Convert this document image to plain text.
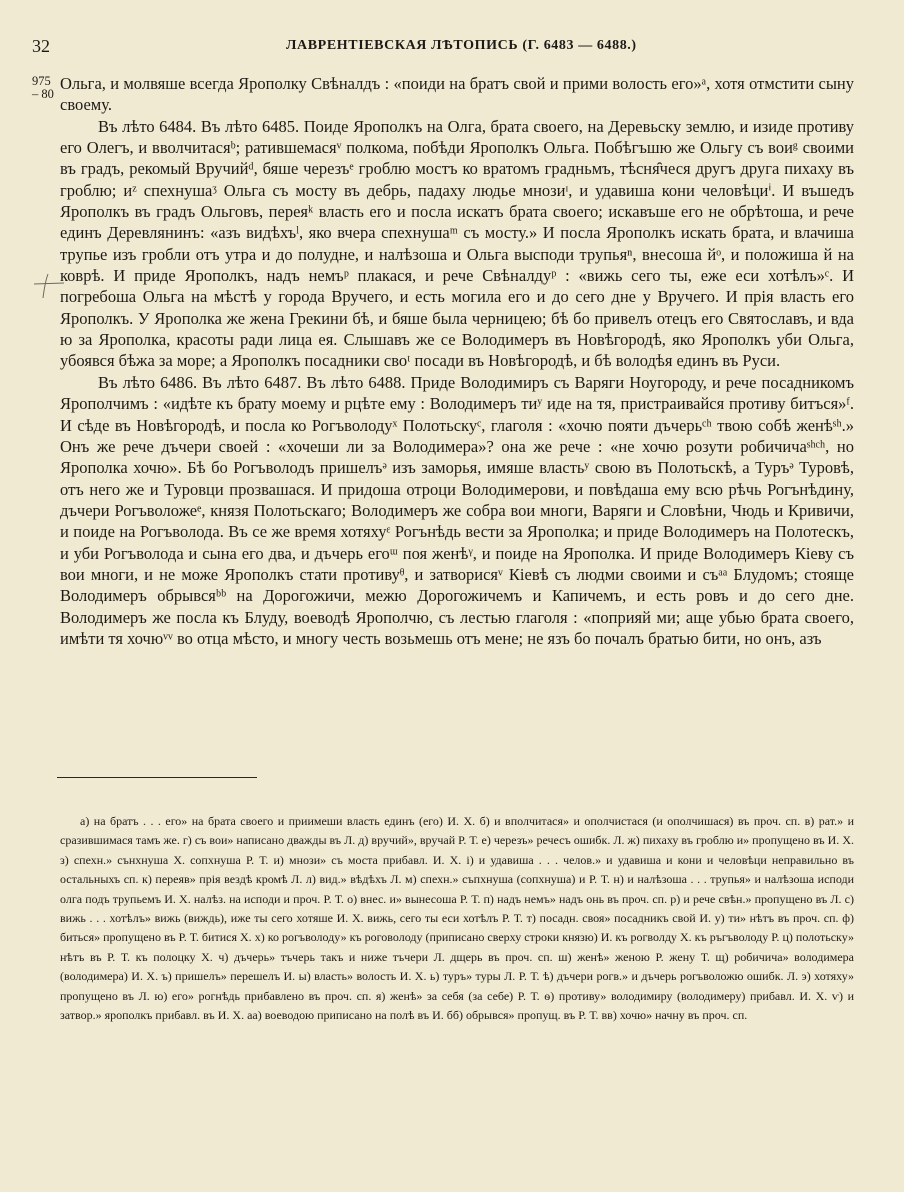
32	ЛАВРЕНТІЕВСКАЯ ЛѢТОПИСЬ (Г. 6483 — 6488.)
975
– 80

Ольга, и молвяше всегда Ярополку Свѣналдъ : «поиди на братъ свой и прими волость его»ᵃ, хотя отмстити сыну своему.

Въ лѣто 6484. Въ лѣто 6485. Поиде Ярополкъ на Олга, брата своего, на Деревьску землю, и изиде противу его Олегъ, и вволчитасяᵇ; ратившемасяᵛ полкома, побѣди Ярополкъ Ольга. Побѣгъшю же Ольгу съ воиᵍ своими въ градъ, рекомый Вручийᵈ, бяше черезъᵉ гроблю мостъ ко вратомъ градньмъ, тѣсня̑чеся другъ друга пихаху въ гроблю; иᶻ спехнушаᶾ Ольга съ мосту въ дебрь, падаху людье мнозиᶦ, и удавиша кони человѣциⁱ. И въшедъ Ярополкъ въ градъ Ольговъ, переяᵏ власть его и посла искатъ брата своего; искавъше его не обрѣтоша, и рече единъ Деревлянинъ: «азъ видѣхъˡ, яко вчера спехнушаᵐ съ мосту.» И посла Ярополкъ искать брата, и влачиша трупье изъ гробли отъ утра и до полудне, и налѣзоша и Ольга высподи трупьяⁿ, внесоша йᵒ, и положиша й на коврѣ. И приде Ярополкъ, надъ немъᵖ плакася, и рече Свѣналдуᵖ : «вижь сего ты, еже еси хотѣлъ»ᶜ. И погребоша Ольга на мѣстѣ у города Вручего, и есть могила его и до сего дне у Вручего. И прія власть его Ярополкъ. У Ярополка же жена Грекини бѣ, и бяше была черницею; бѣ бо привелъ отецъ его Святославъ, и вда ю за Ярополка, красоты ради лица ея. Слышавъ же се Володимеръ въ Новѣгородѣ, яко Ярополкъ уби Ольга, убоявся бѣжа за море; а Ярополкъ посадники своᵗ посади въ Новѣгородѣ, и бѣ володѣя единъ въ Руси.

Въ лѣто 6486. Въ лѣто 6487. Въ лѣто 6488. Приде Володимиръ съ Варяги Ноугороду, и рече посадникомъ Ярополчимъ : «идѣте къ брату моему и рцѣте ему : Володимеръ тиʸ иде на тя, пристраивайся противу битъся»ᶠ. И сѣде въ Новѣгородѣ, и посла ко Рогъволодуˣ Полотьскуᶜ, глаголя : «хочю пояти дъчерьᶜʰ твою собѣ женѣˢʰ.» Онъ же рече дъчери своей : «хочеши ли за Володимера»? она же рече : «не хочю розути робичичаˢʰᶜʰ, но Ярополка хочю». Бѣ бо Рогъволодъ пришелъᵊ изъ заморья, имяше властьʸ свою въ Полотьскѣ, а Туръᵊ Туровѣ, отъ него же и Туровци прозвашася. И придоша отроци Володимерови, и повѣдаша ему всю рѣчь Рогънѣдину, дъчери Рогъволожеᵉ, князя Полотьскаго; Володимеръ же собра вои многи, Варяги и Словѣни, Чюдь и Кривичи, и поиде на Рогъволода. Въ се же время хотяхуᵋ Рогънѣдь вести за Ярополка; и приде Володимеръ на Полотескъ, и уби Рогъволода и сына его два, и дъчерь егоᵚ поя женѣᵞ, и поиде на Ярополка. И приде Володимеръ Кіеву съ вои многи, и не може Ярополкъ стати противуᶿ, и затворисяᵛ Кіевѣ съ людми своими и съᵃᵃ Блудомъ; стояще Володимеръ обрывсяᵇᵇ на Дорогожичи, межю Дорогожичемъ и Капичемъ, и есть ровъ и до сего дне. Володимеръ же посла къ Блуду, воеводѣ Ярополчю, съ лестью глаголя : «поприяй ми; аще убью брата своего, имѣти тя хочюᵛᵛ во отца мѣсто, и многу честь возьмешь отъ мене; не язъ бо почалъ братью бити, но онъ, азъ

а) на братъ . . . его» на брата своего и приимеши власть единъ (его) И. Х. б) и вполчитася» и ополчистася (и ополчишася) въ проч. сп. в) рат.» и сразившимася тамъ же. г) съ вои» написано дважды въ Л. д) вручий», вручай Р. Т. е) черезъ» речесъ ошибк. Л. ж) пихаху въ гроблю и» пропущено въ И. Х. з) спехн.» сънхнуша Х. сопхнуша Р. Т. и) мнози» съ моста прибавл. И. Х. і) и удавиша . . . челов.» и удавиша и кони и человѣци неправильно въ остальныхъ сп. к) переяв» прія вездѣ кромѣ Л. л) вид.» вѣдѣхъ Л. м) спехн.» съпхнуша (сопхнуша) и Р. Т. н) и налѣзоша . . . трупья» и налѣзоша исподи олга подъ трупьемъ И. Х. налѣз. на исподи и проч. Р. Т. о) внес. и» вынесоша Р. Т. п) надъ немъ» надъ онь въ проч. сп. р) и рече свѣн.» пропущено въ Л. с) вижь . . . хотѣлъ» вижь (виждь), иже ты сего хотяше И. Х. вижь, сего ты еси хотѣлъ Р. Т. т) посадн. своя» посадникъ свой И. у) ти» нѣтъ въ проч. сп. ф) биться» пропущено въ Р. Т. битися Х. х) ко рогъволоду» къ роговолоду (приписано сверху строки князю) И. къ рогволду Х. къ ръгъволоду Р. ц) полотьску» нѣтъ въ Р. Т. къ полоцку Х. ч) дъчерь» тъчерь такъ и ниже тъчери Л. дщерь въ проч. сп. ш) женѣ» женою Р. жену Т. щ) робичича» володимера (володимера) И. Х. ъ) пришелъ» перешелъ И. ы) власть» волость И. Х. ь) туръ» туры Л. Р. Т. ѣ) дъчери рогв.» и дъчерь рогъволожю ошибк. Л. э) хотяху» пропущено въ Л. ю) его» рогнѣдь прибавлено въ проч. сп. я) женѣ» за себя (за себе) Р. Т. ѳ) противу» володимиру (володимеру) прибавл. И. Х. ѵ) и затвор.» ярополкъ прибавл. въ И. Х. аа) воеводою приписано на полѣ въ И. бб) обрывся» пропущ. въ Р. Т. вв) хочю» начну въ проч. сп.
